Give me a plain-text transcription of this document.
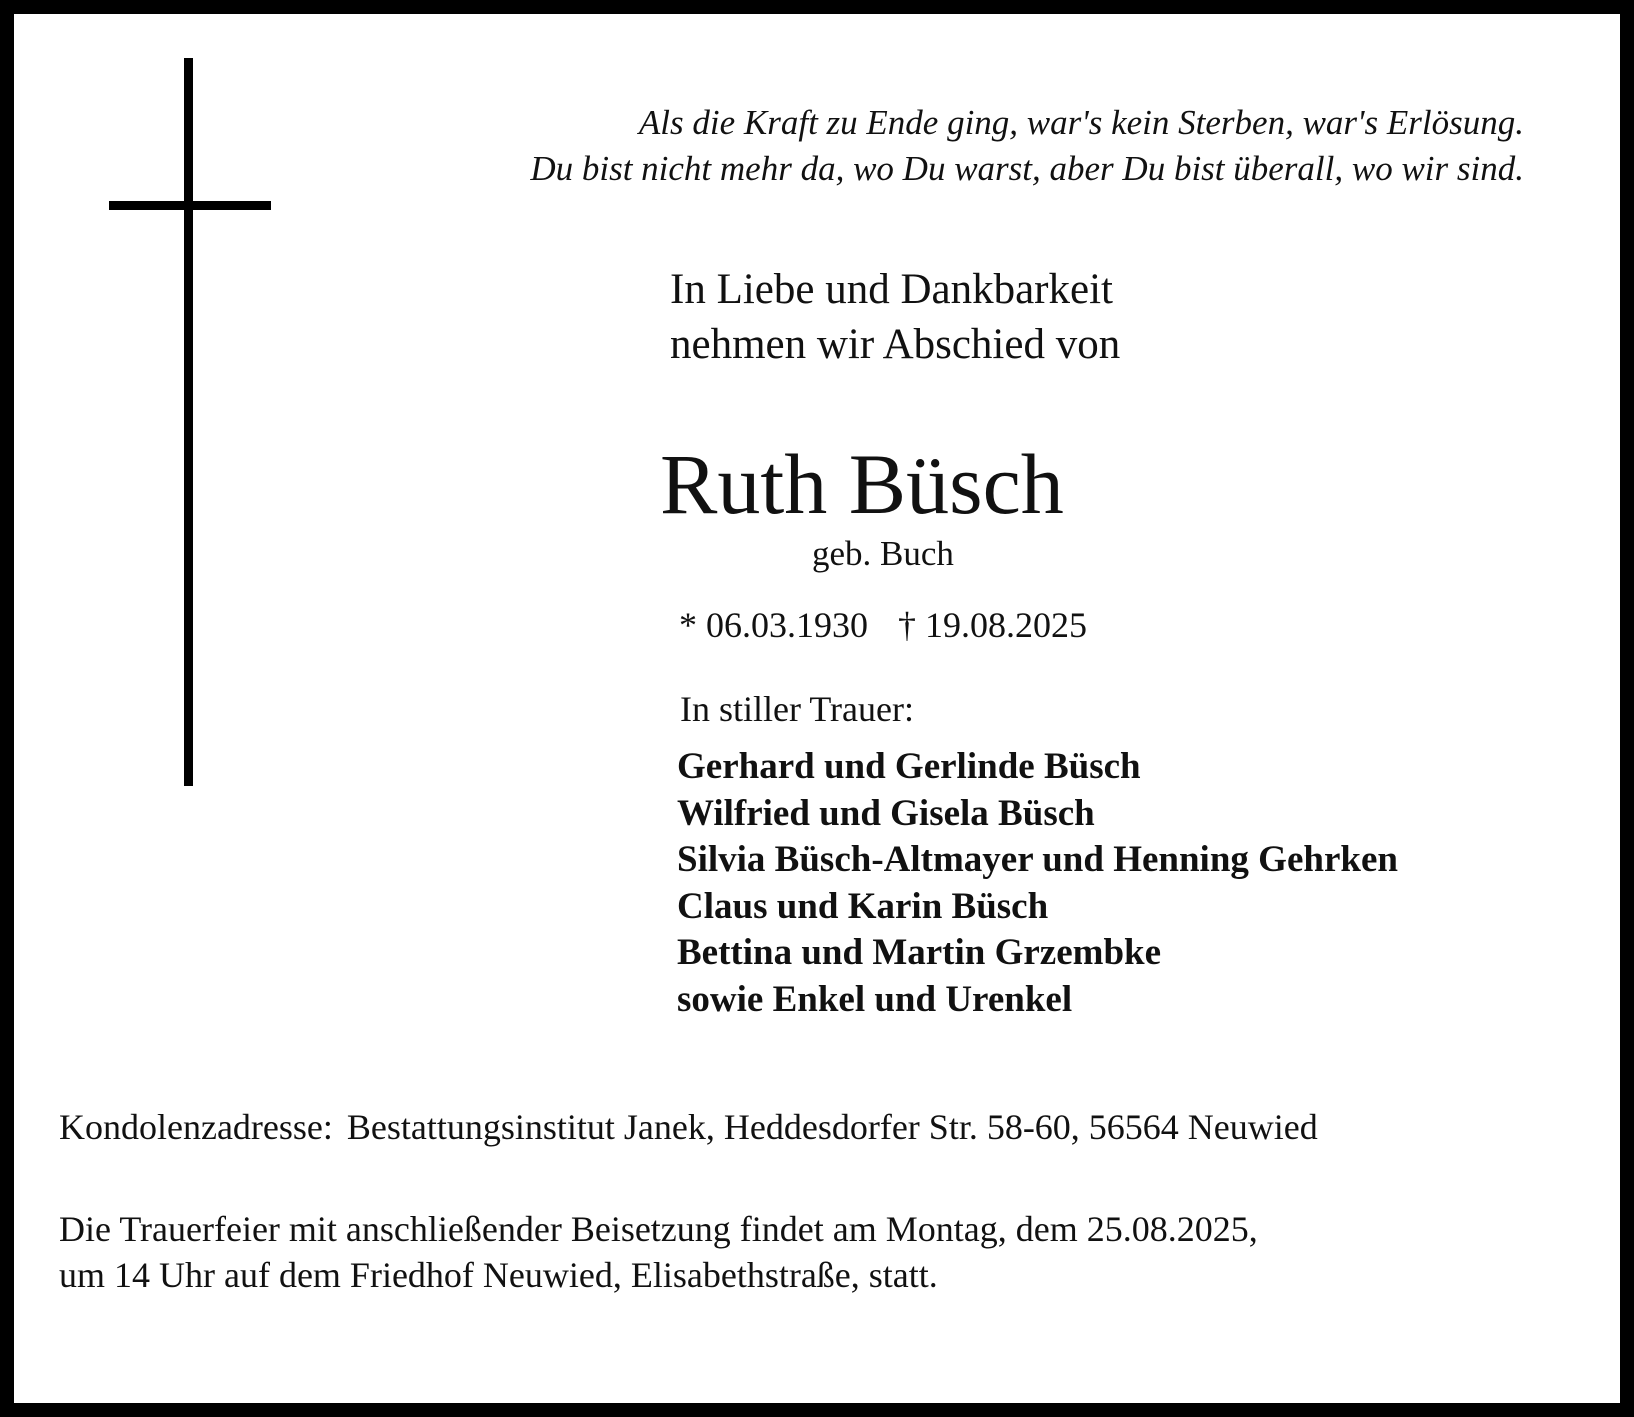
Als die Kraft zu Ende ging, war's kein Sterben, war's Erlösung.
Du bist nicht mehr da, wo Du warst, aber Du bist überall, wo wir sind.

In Liebe und Dankbarkeit
nehmen wir Abschied von

Ruth Büsch

geb. Buch

* 06.03.1930 † 19.08.2025

In stiller Trauer:

Gerhard und Gerlinde Büsch
Wilfried und Gisela Büsch
Silvia Büsch-Altmayer und Henning Gehrken
Claus und Karin Büsch
Bettina und Martin Grzembke
sowie Enkel und Urenkel

Kondolenzadresse: Bestattungsinstitut Janek, Heddesdorfer Str. 58-60, 56564 Neuwied

Die Trauerfeier mit anschließender Beisetzung findet am Montag, dem 25.08.2025,
um 14 Uhr auf dem Friedhof Neuwied, Elisabethstraße, statt.
